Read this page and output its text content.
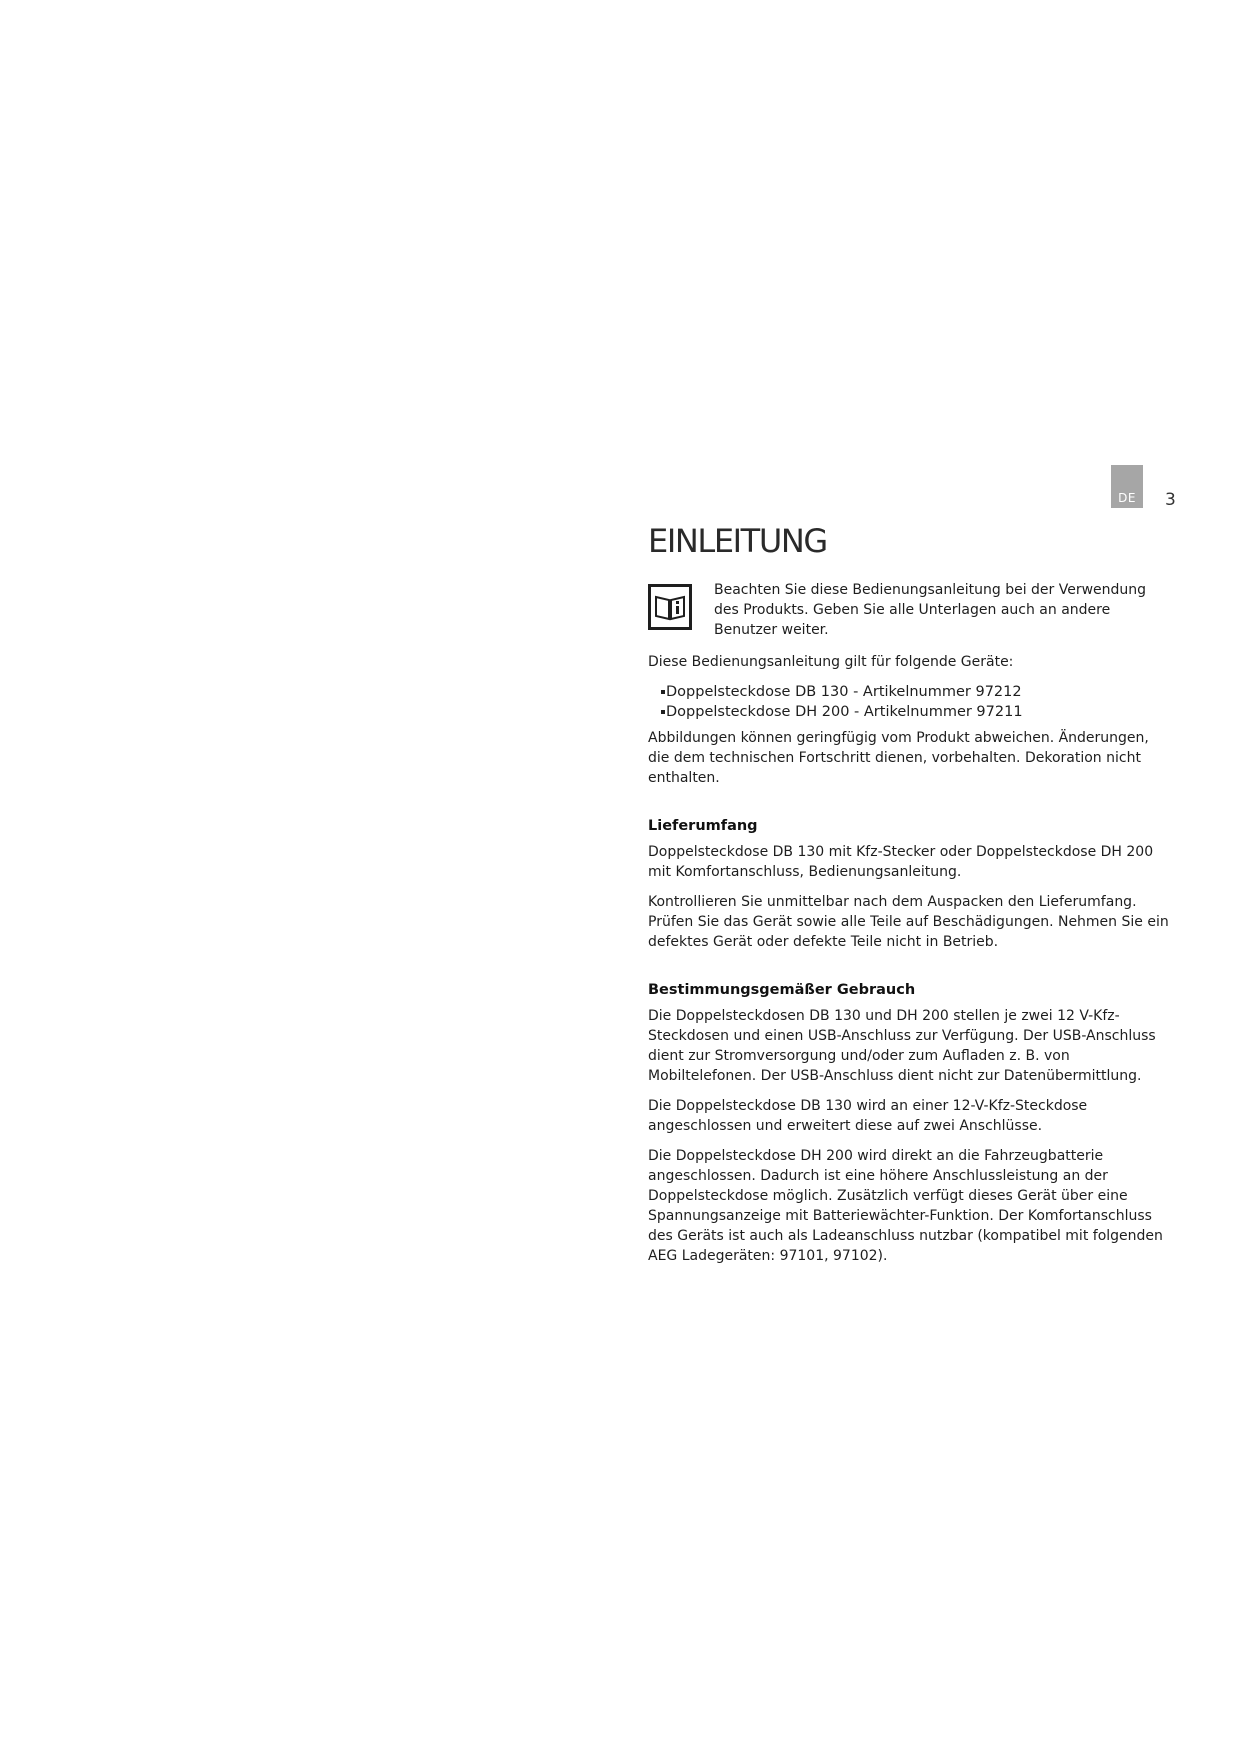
DE 3
EINLEITUNG

Beachten Sie diese Bedienungsanleitung bei der Verwendung des Produkts. Geben Sie alle Unterlagen auch an andere Benutzer weiter.

Diese Bedienungsanleitung gilt für folgende Geräte:

Doppelsteckdose DB 130 - Artikelnummer 97212
Doppelsteckdose DH 200 - Artikelnummer 97211

Abbildungen können geringfügig vom Produkt abweichen. Änderungen, die dem technischen Fortschritt dienen, vorbehalten. Dekoration nicht enthalten.

Lieferumfang

Doppelsteckdose DB 130 mit Kfz-Stecker oder Doppelsteckdose DH 200 mit Komfortanschluss, Bedienungsanleitung.

Kontrollieren Sie unmittelbar nach dem Auspacken den Lieferumfang. Prüfen Sie das Gerät sowie alle Teile auf Beschädigungen. Nehmen Sie ein defektes Gerät oder defekte Teile nicht in Betrieb.

Bestimmungsgemäßer Gebrauch

Die Doppelsteckdosen DB 130 und DH 200 stellen je zwei 12 V-Kfz-Steckdosen und einen USB-Anschluss zur Verfügung. Der USB-Anschluss dient zur Stromversorgung und/oder zum Aufladen z. B. von Mobiltelefonen. Der USB-Anschluss dient nicht zur Datenübermittlung.

Die Doppelsteckdose DB 130 wird an einer 12-V-Kfz-Steckdose angeschlossen und erweitert diese auf zwei Anschlüsse.

Die Doppelsteckdose DH 200 wird direkt an die Fahrzeugbatterie angeschlossen. Dadurch ist eine höhere Anschlussleistung an der Doppelsteckdose möglich. Zusätzlich verfügt dieses Gerät über eine Spannungsanzeige mit Batteriewächter-Funktion. Der Komfortanschluss des Geräts ist auch als Ladeanschluss nutzbar (kompatibel mit folgenden AEG Ladegeräten: 97101, 97102).
